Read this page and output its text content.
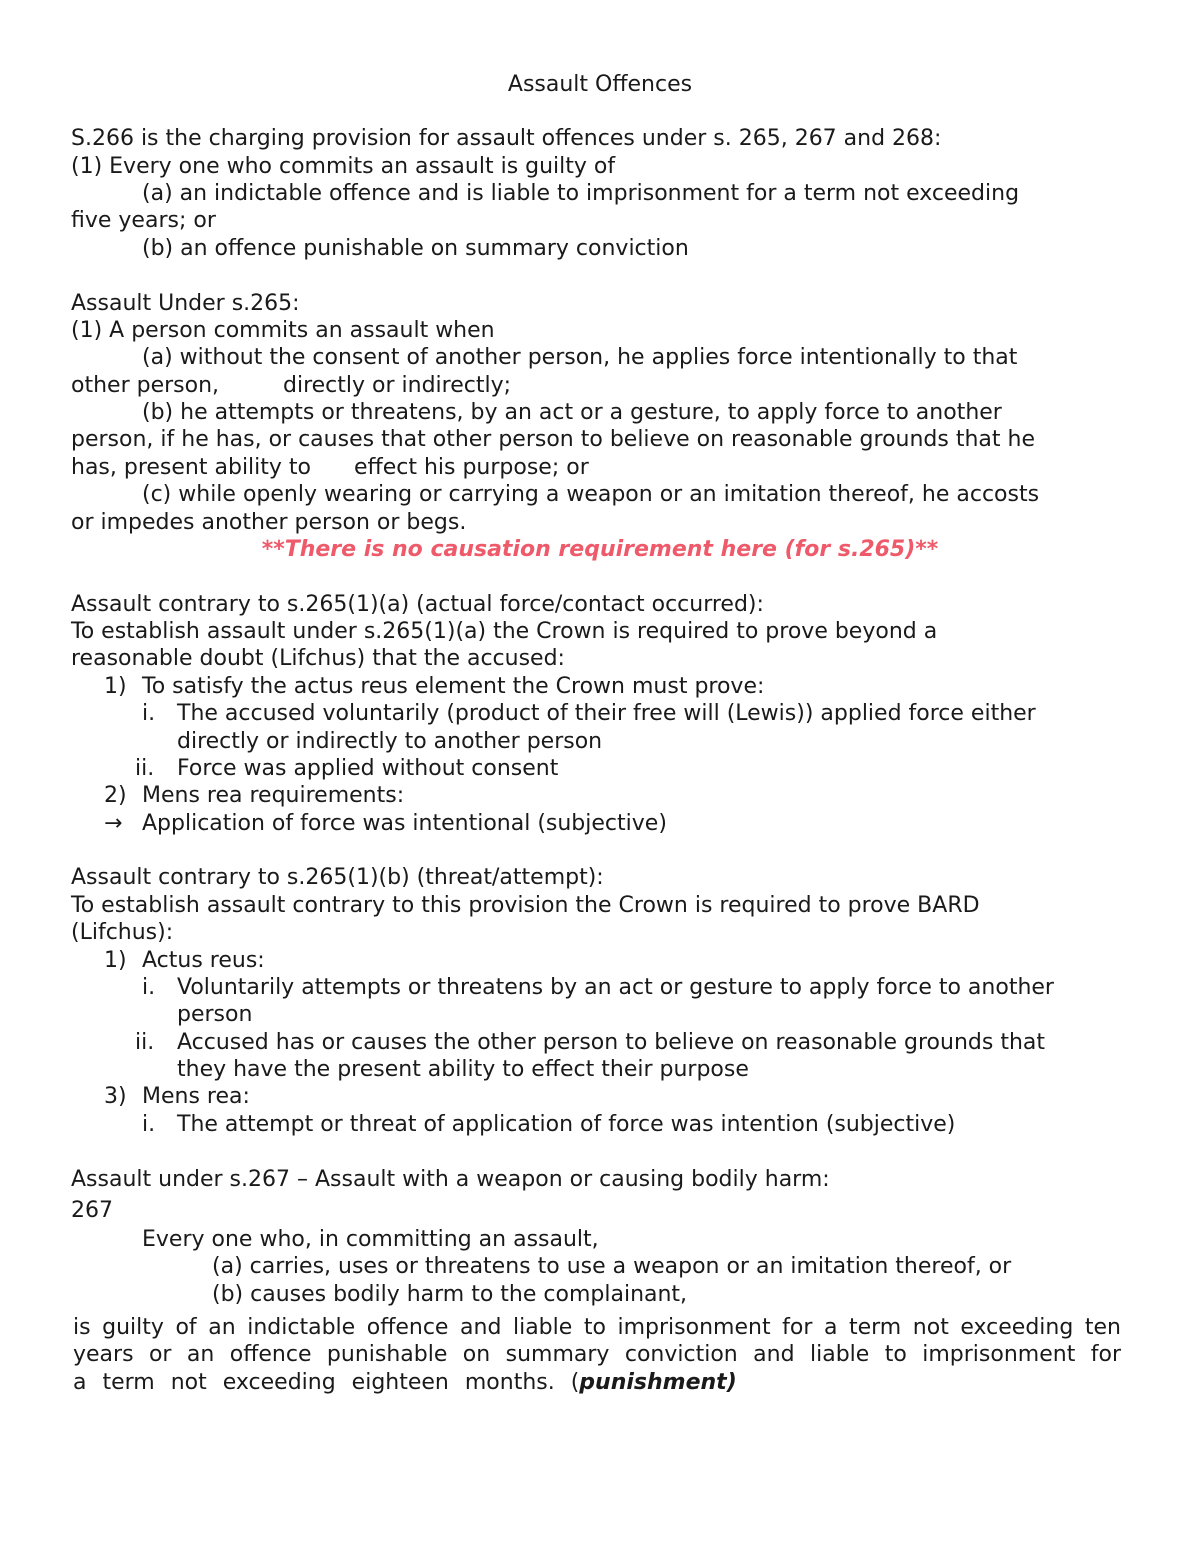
Assault Offences
S.266 is the charging provision for assault offences under s. 265, 267 and 268:
(1) Every one who commits an assault is guilty of
(a) an indictable offence and is liable to imprisonment for a term not exceeding
five years; or
(b) an offence punishable on summary conviction
Assault Under s.265:
(1) A person commits an assault when
(a) without the consent of another person, he applies force intentionally to that
other person,	directly or indirectly;
(b) he attempts or threatens, by an act or a gesture, to apply force to another
person, if he has, or causes that other person to believe on reasonable grounds that he
has, present ability to effect his purpose; or
(c) while openly wearing or carrying a weapon or an imitation thereof, he accosts
or impedes another person or begs.
**There is no causation requirement here (for s.265)**
Assault contrary to s.265(1)(a) (actual force/contact occurred):
To establish assault under s.265(1)(a) the Crown is required to prove beyond a
reasonable doubt (Lifchus) that the accused:
1) To satisfy the actus reus element the Crown must prove:
i. The accused voluntarily (product of their free will (Lewis)) applied force either
directly or indirectly to another person
ii. Force was applied without consent
2) Mens rea requirements:
→ Application of force was intentional (subjective)
Assault contrary to s.265(1)(b) (threat/attempt):
To establish assault contrary to this provision the Crown is required to prove BARD
(Lifchus):
1) Actus reus:
i. Voluntarily attempts or threatens by an act or gesture to apply force to another
person
ii. Accused has or causes the other person to believe on reasonable grounds that
they have the present ability to effect their purpose
3) Mens rea:
i. The attempt or threat of application of force was intention (subjective)
Assault under s.267 – Assault with a weapon or causing bodily harm:
267
Every one who, in committing an assault,
(a) carries, uses or threatens to use a weapon or an imitation thereof, or
(b) causes bodily harm to the complainant,
is guilty of an indictable offence and liable to imprisonment for a term not exceeding ten
years or an offence punishable on summary conviction and liable to imprisonment for
a term not exceeding eighteen months. (punishment)
